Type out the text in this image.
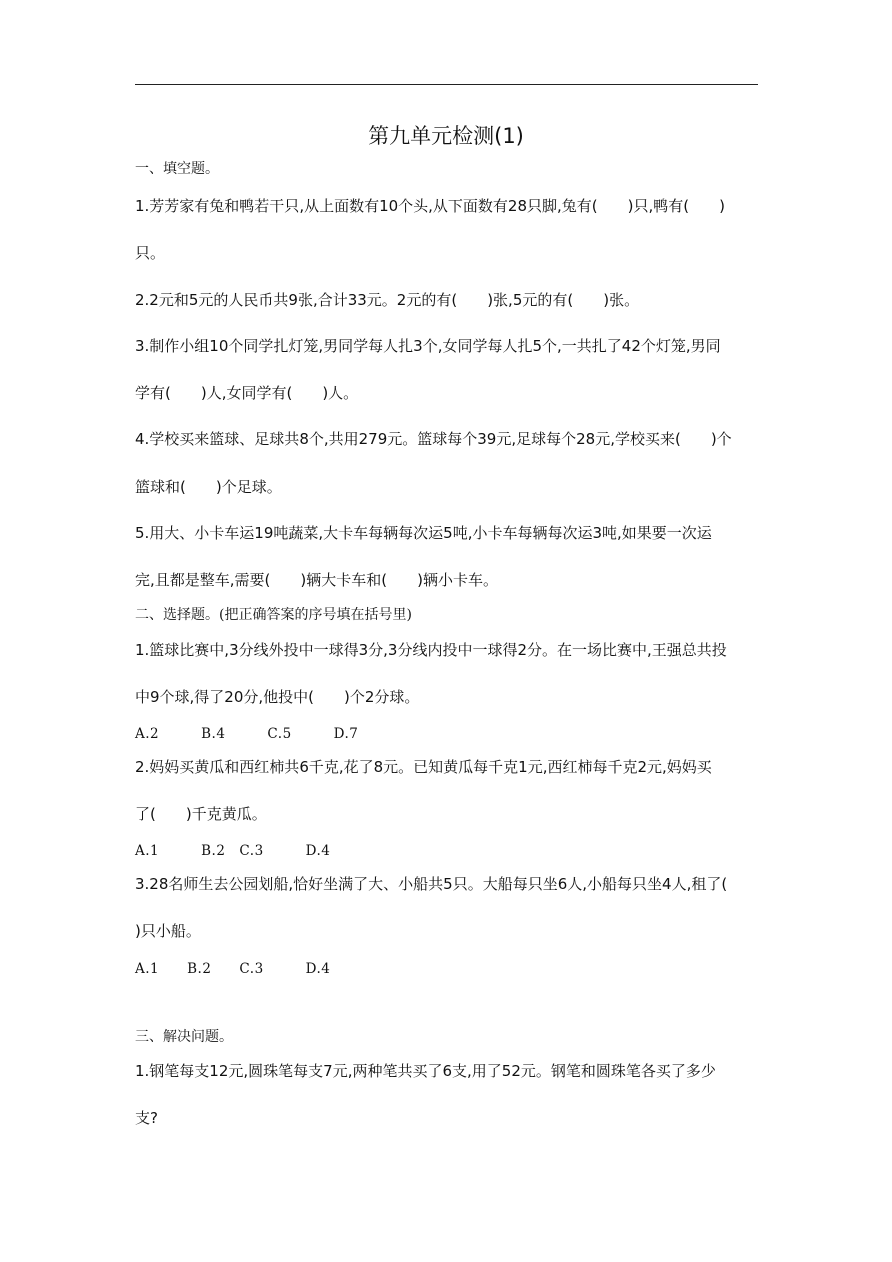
第九单元检测(1)
一、填空题。
1.芳芳家有兔和鸭若干只,从上面数有10个头,从下面数有28只脚,兔有(　　)只,鸭有(　　)
只。
2.2元和5元的人民币共9张,合计33元。2元的有(　　)张,5元的有(　　)张。
3.制作小组10个同学扎灯笼,男同学每人扎3个,女同学每人扎5个,一共扎了42个灯笼,男同
学有(　　)人,女同学有(　　)人。
4.学校买来篮球、足球共8个,共用279元。篮球每个39元,足球每个28元,学校买来(　　)个
篮球和(　　)个足球。
5.用大、小卡车运19吨蔬菜,大卡车每辆每次运5吨,小卡车每辆每次运3吨,如果要一次运
完,且都是整车,需要(　　)辆大卡车和(　　)辆小卡车。
二、选择题。(把正确答案的序号填在括号里)
1.篮球比赛中,3分线外投中一球得3分,3分线内投中一球得2分。在一场比赛中,王强总共投
中9个球,得了20分,他投中(　　)个2分球。
A.2　　　B.4　　　C.5　　　D.7
2.妈妈买黄瓜和西红柿共6千克,花了8元。已知黄瓜每千克1元,西红柿每千克2元,妈妈买
了(　　)千克黄瓜。
A.1　　　B.2　C.3　　　D.4
3.28名师生去公园划船,恰好坐满了大、小船共5只。大船每只坐6人,小船每只坐4人,租了(
)只小船。
A.1　　B.2　　C.3　　　D.4
三、解决问题。
1.钢笔每支12元,圆珠笔每支7元,两种笔共买了6支,用了52元。钢笔和圆珠笔各买了多少
支?
